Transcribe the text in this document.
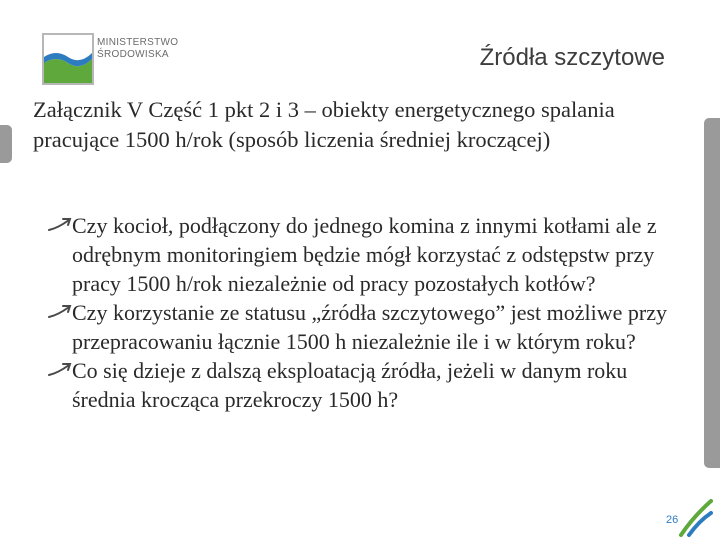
MINISTERSTWO
ŚRODOWISKA	Źródła szczytowe
Załącznik V Część 1 pkt 2 i 3 – obiekty energetycznego spalania pracujące 1500 h/rok (sposób liczenia średniej kroczącej)
Czy kocioł, podłączony do jednego komina z innymi kotłami ale z odrębnym monitoringiem będzie mógł korzystać z odstępstw przy pracy 1500 h/rok niezależnie od pracy pozostałych kotłów?
Czy korzystanie ze statusu „źródła szczytowego” jest możliwe przy przepracowaniu łącznie 1500 h niezależnie ile i w którym roku?
Co się dzieje z dalszą eksploatacją źródła, jeżeli w danym roku średnia krocząca przekroczy 1500 h?
26
